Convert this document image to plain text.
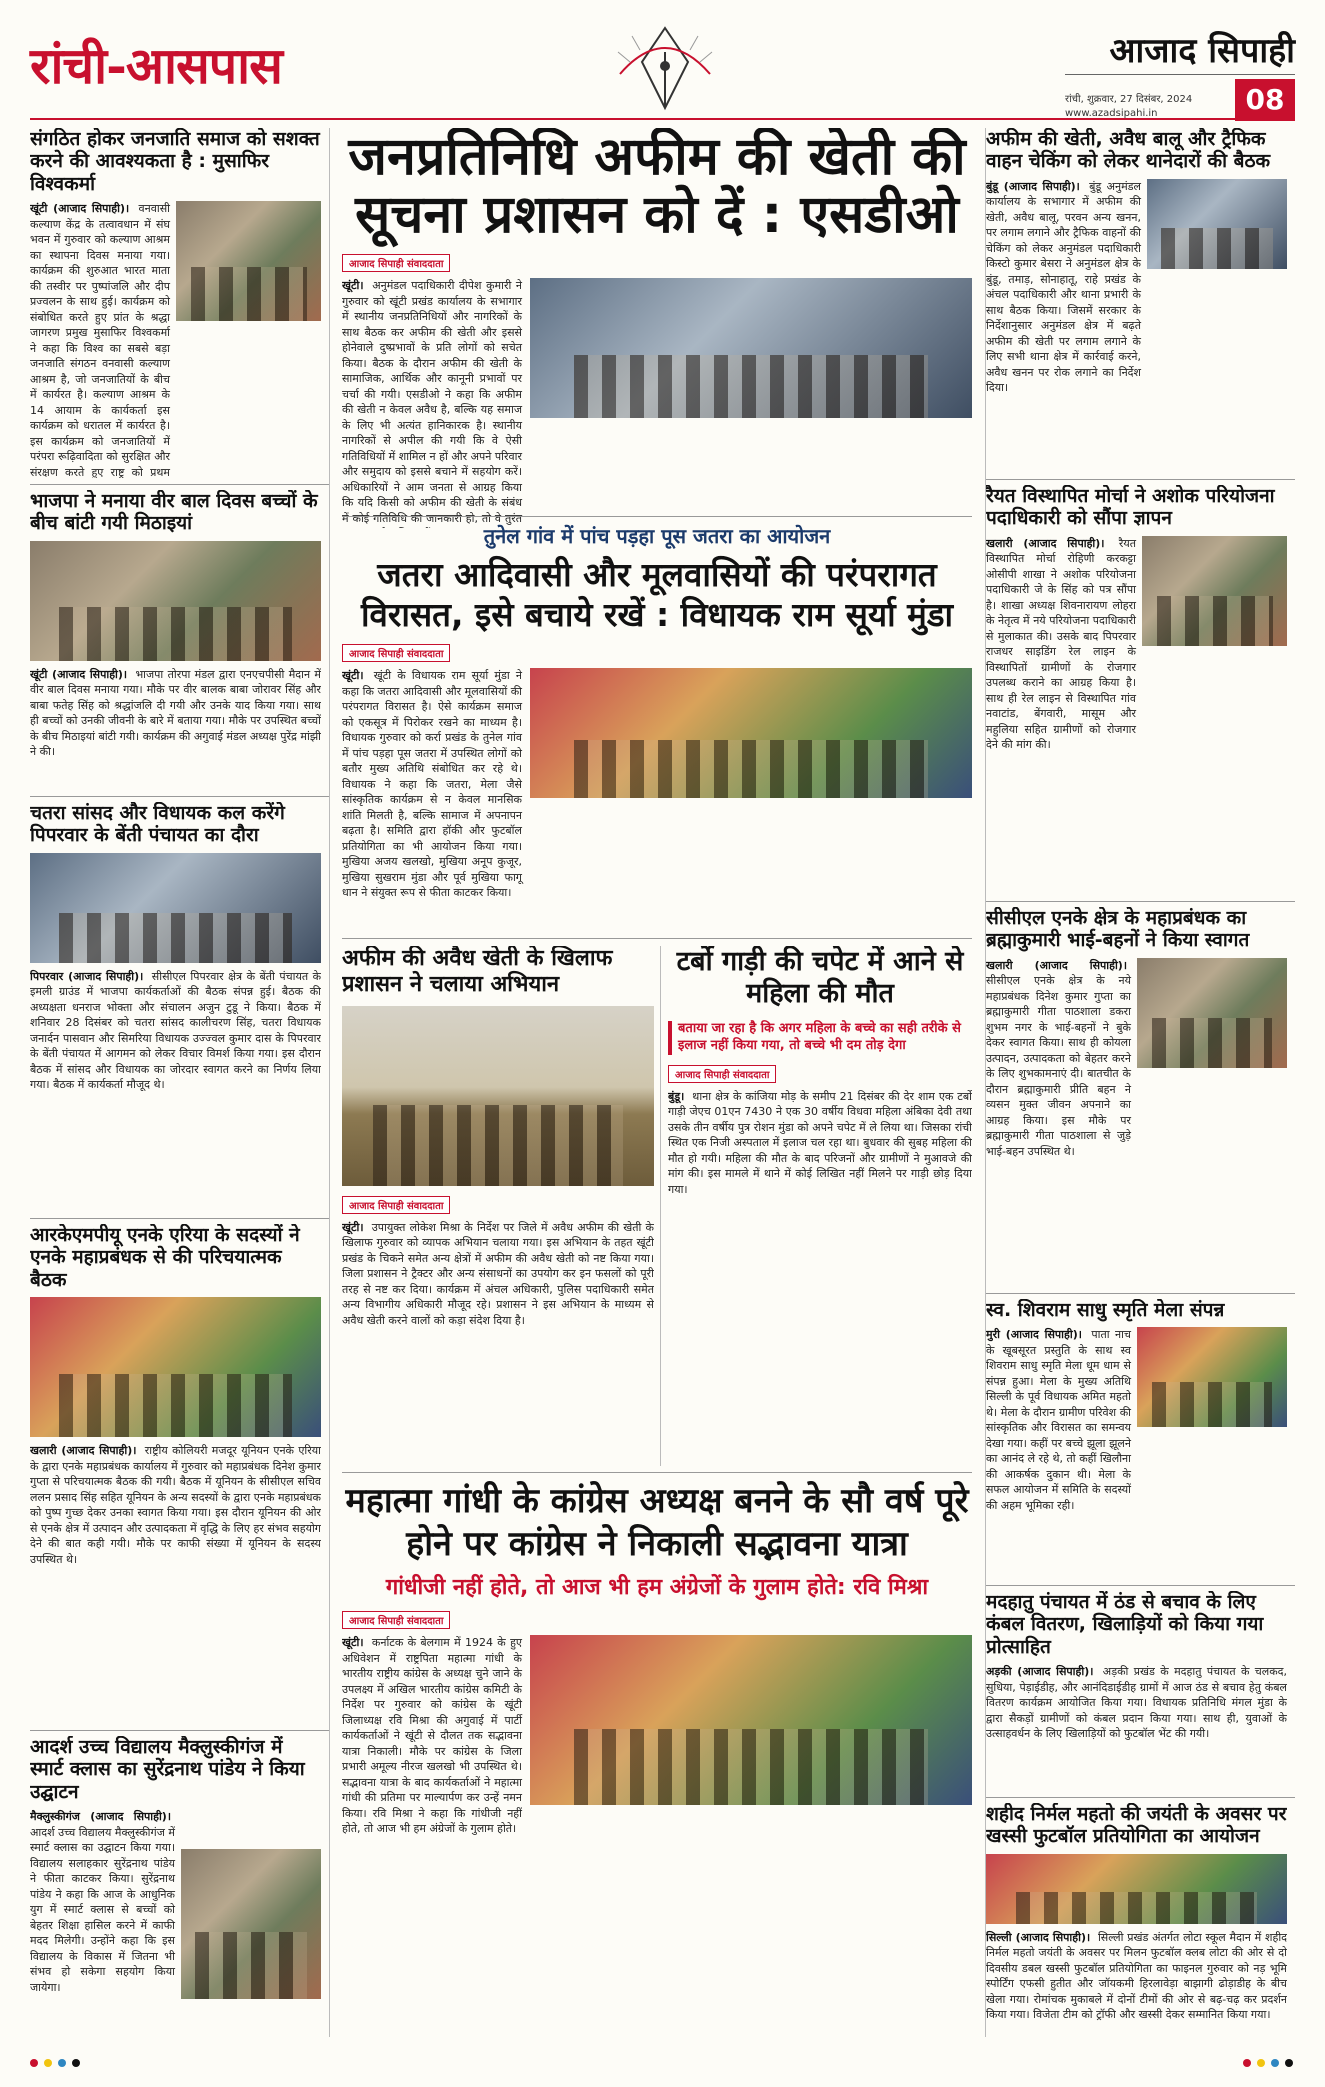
रांची-आसपास	आजाद सिपाही
रांची, शुक्रवार, 27 दिसंबर, 2024
www.azadsipahi.in	08
संगठित होकर जनजाति समाज को सशक्त करने की आवश्यकता है : मुसाफिर विश्वकर्मा
खूंटी (आजाद सिपाही)। वनवासी कल्याण केंद्र के तत्वावधान में संघ भवन में गुरुवार को कल्याण आश्रम का स्थापना दिवस मनाया गया। कार्यक्रम की शुरुआत भारत माता की तस्वीर पर पुष्पांजलि और दीप प्रज्वलन के साथ हुई। कार्यक्रम को संबोधित करते हुए प्रांत के श्रद्धा जागरण प्रमुख मुसाफिर विश्वकर्मा ने कहा कि विश्व का सबसे बड़ा जनजाति संगठन वनवासी कल्याण आश्रम है, जो जनजातियों के बीच में कार्यरत है। कल्याण आश्रम के 14 आयाम के कार्यकर्ता इस कार्यक्रम को धरातल में कार्यरत है। इस कार्यक्रम को जनजातियों में परंपरा रूढ़िवादिता को सुरक्षित और संरक्षण करते हुए राष्ट्र को प्रथम
भाजपा ने मनाया वीर बाल दिवस बच्चों के बीच बांटी गयी मिठाइयां
खूंटी (आजाद सिपाही)। भाजपा तोरपा मंडल द्वारा एनएचपीसी मैदान में वीर बाल दिवस मनाया गया। मौके पर वीर बालक बाबा जोरावर सिंह और बाबा फतेह सिंह को श्रद्धांजलि दी गयी और उनके याद किया गया। साथ ही बच्चों को उनकी जीवनी के बारे में बताया गया। मौके पर उपस्थित बच्चों के बीच मिठाइयां बांटी गयी। कार्यक्रम की अगुवाई मंडल अध्यक्ष पुरेंद्र मांझी ने की।
चतरा सांसद और विधायक कल करेंगे पिपरवार के बेंती पंचायत का दौरा
पिपरवार (आजाद सिपाही)। सीसीएल पिपरवार क्षेत्र के बेंती पंचायत के इमली ग्राउंड में भाजपा कार्यकर्ताओं की बैठक संपन्न हुई। बैठक की अध्यक्षता धनराज भोक्ता और संचालन अजुन टुडू ने किया। बैठक में शनिवार 28 दिसंबर को चतरा सांसद कालीचरण सिंह, चतरा विधायक जनार्दन पासवान और सिमरिया विधायक उज्ज्वल कुमार दास के पिपरवार के बेंती पंचायत में आगमन को लेकर विचार विमर्श किया गया। इस दौरान बैठक में सांसद और विधायक का जोरदार स्वागत करने का निर्णय लिया गया। बैठक में कार्यकर्ता मौजूद थे।
आरकेएमपीयू एनके एरिया के सदस्यों ने एनके महाप्रबंधक से की परिचयात्मक बैठक
खलारी (आजाद सिपाही)। राष्ट्रीय कोलियरी मजदूर यूनियन एनके एरिया के द्वारा एनके महाप्रबंधक कार्यालय में गुरुवार को महाप्रबंधक दिनेश कुमार गुप्ता से परिचयात्मक बैठक की गयी। बैठक में यूनियन के सीसीएल सचिव ललन प्रसाद सिंह सहित यूनियन के अन्य सदस्यों के द्वारा एनके महाप्रबंधक को पुष्प गुच्छ देकर उनका स्वागत किया गया। इस दौरान यूनियन की ओर से एनके क्षेत्र में उत्पादन और उत्पादकता में वृद्धि के लिए हर संभव सहयोग देने की बात कही गयी। मौके पर काफी संख्या में यूनियन के सदस्य उपस्थित थे।
आदर्श उच्च विद्यालय मैक्लुस्कीगंज में स्मार्ट क्लास का सुरेंद्रनाथ पांडेय ने किया उद्घाटन
मैक्लुस्कीगंज (आजाद सिपाही)। आदर्श उच्च विद्यालय मैक्लुस्कीगंज में स्मार्ट क्लास का उद्घाटन किया गया। विद्यालय सलाहकार सुरेंद्रनाथ पांडेय ने फीता काटकर किया। सुरेंद्रनाथ पांडेय ने कहा कि आज के आधुनिक युग में स्मार्ट क्लास से बच्चों को बेहतर शिक्षा हासिल करने में काफी मदद मिलेगी। उन्होंने कहा कि इस विद्यालय के विकास में जितना भी संभव हो सकेगा सहयोग किया जायेगा।
जनप्रतिनिधि अफीम की खेती की सूचना प्रशासन को दें : एसडीओ
आजाद सिपाही संवाददाता
खूंटी। अनुमंडल पदाधिकारी दीपेश कुमारी ने गुरुवार को खूंटी प्रखंड कार्यालय के सभागार में स्थानीय जनप्रतिनिधियों और नागरिकों के साथ बैठक कर अफीम की खेती और इससे होनेवाले दुष्प्रभावों के प्रति लोगों को सचेत किया। बैठक के दौरान अफीम की खेती के सामाजिक, आर्थिक और कानूनी प्रभावों पर चर्चा की गयी। एसडीओ ने कहा कि अफीम की खेती न केवल अवैध है, बल्कि यह समाज के लिए भी अत्यंत हानिकारक है। स्थानीय नागरिकों से अपील की गयी कि वे ऐसी गतिविधियों में शामिल न हों और अपने परिवार और समुदाय को इससे बचाने में सहयोग करें। अधिकारियों ने आम जनता से आग्रह किया कि यदि किसी को अफीम की खेती के संबंध में कोई गतिविधि की जानकारी हो, तो वे तुरंत
तुनेल गांव में पांच पड़हा पूस जतरा का आयोजन
जतरा आदिवासी और मूलवासियों की परंपरागत विरासत, इसे बचाये रखें : विधायक राम सूर्या मुंडा
आजाद सिपाही संवाददाता
खूंटी। खूंटी के विधायक राम सूर्या मुंडा ने कहा कि जतरा आदिवासी और मूलवासियों की परंपरागत विरासत है। ऐसे कार्यक्रम समाज को एकसूत्र में पिरोकर रखने का माध्यम है। विधायक गुरुवार को कर्रा प्रखंड के तुनेल गांव में पांच पड़हा पूस जतरा में उपस्थित लोगों को बतौर मुख्य अतिथि संबोधित कर रहे थे। विधायक ने कहा कि जतरा, मेला जैसे सांस्कृतिक कार्यक्रम से न केवल मानसिक शांति मिलती है, बल्कि सामाज में अपनापन बढ़ता है। समिति द्वारा हॉकी और फुटबॉल प्रतियोगिता का भी आयोजन किया गया। मुखिया अजय खलखो, मुखिया अनूप कुजूर, मुखिया सुखराम मुंडा और पूर्व मुखिया फागू धान ने संयुक्त रूप से फीता काटकर किया।
अफीम की अवैध खेती के खिलाफ प्रशासन ने चलाया अभियान
आजाद सिपाही संवाददाता
खूंटी। उपायुक्त लोकेश मिश्रा के निर्देश पर जिले में अवैध अफीम की खेती के खिलाफ गुरुवार को व्यापक अभियान चलाया गया। इस अभियान के तहत खूंटी प्रखंड के चिकने समेत अन्य क्षेत्रों में अफीम की अवैध खेती को नष्ट किया गया। जिला प्रशासन ने ट्रैक्टर और अन्य संसाधनों का उपयोग कर इन फसलों को पूरी तरह से नष्ट कर दिया। कार्यक्रम में अंचल अधिकारी, पुलिस पदाधिकारी समेत अन्य विभागीय अधिकारी मौजूद रहे। प्रशासन ने इस अभियान के माध्यम से अवैध खेती करने वालों को कड़ा संदेश दिया है।
टर्बो गाड़ी की चपेट में आने से महिला की मौत
बताया जा रहा है कि अगर महिला के बच्चे का सही तरीके से इलाज नहीं किया गया, तो बच्चे भी दम तोड़ देगा
आजाद सिपाही संवाददाता
बुंडू। थाना क्षेत्र के कांजिया मोड़ के समीप 21 दिसंबर की देर शाम एक टर्बो गाड़ी जेएच 01एन 7430 ने एक 30 वर्षीय विधवा महिला अंबिका देवी तथा उसके तीन वर्षीय पुत्र रोशन मुंडा को अपने चपेट में ले लिया था। जिसका रांची स्थित एक निजी अस्पताल में इलाज चल रहा था। बुधवार की सुबह महिला की मौत हो गयी। महिला की मौत के बाद परिजनों और ग्रामीणों ने मुआवजे की मांग की। इस मामले में थाने में कोई लिखित नहीं मिलने पर गाड़ी छोड़ दिया गया।
महात्मा गांधी के कांग्रेस अध्यक्ष बनने के सौ वर्ष पूरे होने पर कांग्रेस ने निकाली सद्भावना यात्रा
गांधीजी नहीं होते, तो आज भी हम अंग्रेजों के गुलाम होते: रवि मिश्रा
आजाद सिपाही संवाददाता
खूंटी। कर्नाटक के बेलगाम में 1924 के हुए अधिवेशन में राष्ट्रपिता महात्मा गांधी के भारतीय राष्ट्रीय कांग्रेस के अध्यक्ष चुने जाने के उपलक्ष्य में अखिल भारतीय कांग्रेस कमिटी के निर्देश पर गुरुवार को कांग्रेस के खूंटी जिलाध्यक्ष रवि मिश्रा की अगुवाई में पार्टी कार्यकर्ताओं ने खूंटी से दौलत तक सद्भावना यात्रा निकाली। मौके पर कांग्रेस के जिला प्रभारी अमूल्य नीरज खलखो भी उपस्थित थे। सद्भावना यात्रा के बाद कार्यकर्ताओं ने महात्मा गांधी की प्रतिमा पर माल्यार्पण कर उन्हें नमन किया। रवि मिश्रा ने कहा कि गांधीजी नहीं होते, तो आज भी हम अंग्रेजों के गुलाम होते।
अफीम की खेती, अवैध बालू और ट्रैफिक वाहन चेकिंग को लेकर थानेदारों की बैठक
बुंडू (आजाद सिपाही)। बुंडू अनुमंडल कार्यालय के सभागार में अफीम की खेती, अवैध बालू, परवन अन्य खनन, पर लगाम लगाने और ट्रैफिक वाहनों की चेकिंग को लेकर अनुमंडल पदाधिकारी किस्टो कुमार बेसरा ने अनुमंडल क्षेत्र के बुंडू, तमाड़, सोनाहातू, राहे प्रखंड के अंचल पदाधिकारी और थाना प्रभारी के साथ बैठक किया। जिसमें सरकार के निर्देशानुसार अनुमंडल क्षेत्र में बढ़ते अफीम की खेती पर लगाम लगाने के लिए सभी थाना क्षेत्र में कार्रवाई करने, अवैध खनन पर रोक लगाने का निर्देश दिया।
रैयत विस्थापित मोर्चा ने अशोक परियोजना पदाधिकारी को सौंपा ज्ञापन
खलारी (आजाद सिपाही)। रैयत विस्थापित मोर्चा रोहिणी करकट्टा ओसीपी शाखा ने अशोक परियोजना पदाधिकारी जे के सिंह को पत्र सौंपा है। शाखा अध्यक्ष शिवनारायण लोहरा के नेतृत्व में नये परियोजना पदाधिकारी से मुलाकात की। उसके बाद पिपरवार राजधर साइडिंग रेल लाइन के विस्थापितों ग्रामीणों के रोजगार उपलब्ध कराने का आग्रह किया है। साथ ही रेल लाइन से विस्थापित गांव नवाटांड, बेंगवारी, मासूम और महुलिया सहित ग्रामीणों को रोजगार देने की मांग की।
सीसीएल एनके क्षेत्र के महाप्रबंधक का ब्रह्माकुमारी भाई-बहनों ने किया स्वागत
खलारी (आजाद सिपाही)। सीसीएल एनके क्षेत्र के नये महाप्रबंधक दिनेश कुमार गुप्ता का ब्रह्माकुमारी गीता पाठशाला डकरा शुभम नगर के भाई-बहनों ने बुके देकर स्वागत किया। साथ ही कोयला उत्पादन, उत्पादकता को बेहतर करने के लिए शुभकामनाएं दी। बातचीत के दौरान ब्रह्माकुमारी प्रीति बहन ने व्यसन मुक्त जीवन अपनाने का आग्रह किया। इस मौके पर ब्रह्माकुमारी गीता पाठशाला से जुड़े भाई-बहन उपस्थित थे।
स्व. शिवराम साधु स्मृति मेला संपन्न
मुरी (आजाद सिपाही)। पाता नाच के खूबसूरत प्रस्तुति के साथ स्व शिवराम साधु स्मृति मेला धूम धाम से संपन्न हुआ। मेला के मुख्य अतिथि सिल्ली के पूर्व विधायक अमित महतो थे। मेला के दौरान ग्रामीण परिवेश की सांस्कृतिक और विरासत का समन्वय देखा गया। कहीं पर बच्चे झूला झूलने का आनंद ले रहे थे, तो कहीं खिलौना की आकर्षक दुकान थी। मेला के सफल आयोजन में समिति के सदस्यों की अहम भूमिका रही।
मदहातु पंचायत में ठंड से बचाव के लिए कंबल वितरण, खिलाड़ियों को किया गया प्रोत्साहित
अड़की (आजाद सिपाही)। अड़की प्रखंड के मदहातु पंचायत के चलकद, सुधिया, पेड़ाईडीह, और आनंदिडाईडीह ग्रामों में आज ठंड से बचाव हेतु कंबल वितरण कार्यक्रम आयोजित किया गया। विधायक प्रतिनिधि मंगल मुंडा के द्वारा सैकड़ों ग्रामीणों को कंबल प्रदान किया गया। साथ ही, युवाओं के उत्साहवर्धन के लिए खिलाड़ियों को फुटबॉल भेंट की गयी।
शहीद निर्मल महतो की जयंती के अवसर पर खस्सी फुटबॉल प्रतियोगिता का आयोजन
सिल्ली (आजाद सिपाही)। सिल्ली प्रखंड अंतर्गत लोटा स्कूल मैदान में शहीद निर्मल महतो जयंती के अवसर पर मिलन फुटबॉल क्लब लोटा की ओर से दो दिवसीय डबल खस्सी फुटबॉल प्रतियोगिता का फाइनल गुरुवार को नड़ भूमि स्पोर्टिंग एफसी हुतीत और जॉयकमी हिरलावेड़ा बाझागी ढोड़ाडीह के बीच खेला गया। रोमांचक मुकाबले में दोनों टीमों की ओर से बढ़-चढ़ कर प्रदर्शन किया गया। विजेता टीम को ट्रॉफी और खस्सी देकर सम्मानित किया गया।
